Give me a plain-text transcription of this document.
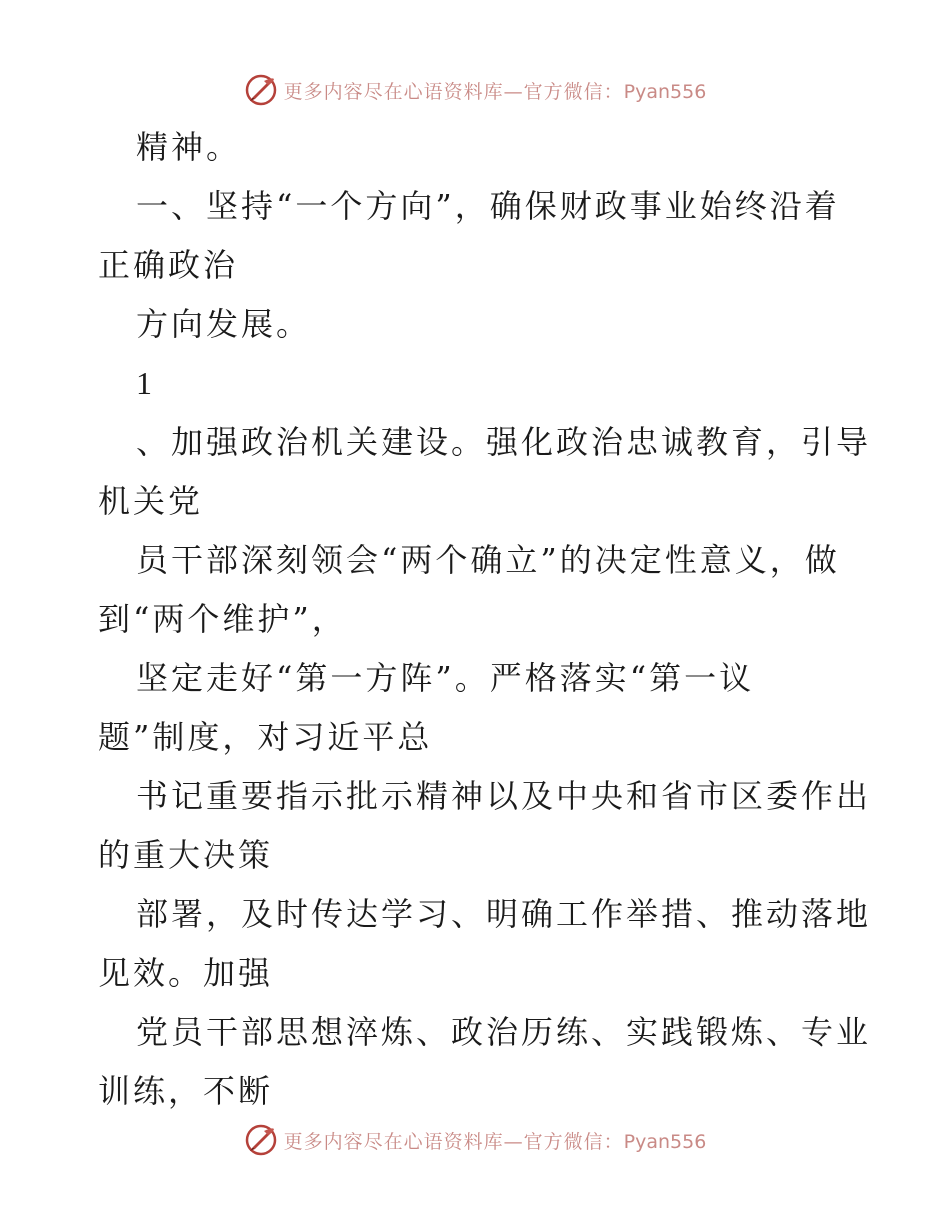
更多内容尽在心语资料库—官方微信：Pyan556
精神。
一、坚持“一个方向”，确保财政事业始终沿着
正确政治
方向发展。
1
、加强政治机关建设。强化政治忠诚教育，引导
机关党
员干部深刻领会“两个确立”的决定性意义，做
到“两个维护”，
坚定走好“第一方阵”。严格落实“第一议
题”制度，对习近平总
书记重要指示批示精神以及中央和省市区委作出
的重大决策
部署，及时传达学习、明确工作举措、推动落地
见效。加强
党员干部思想淬炼、政治历练、实践锻炼、专业
训练，不断
更多内容尽在心语资料库—官方微信：Pyan556
